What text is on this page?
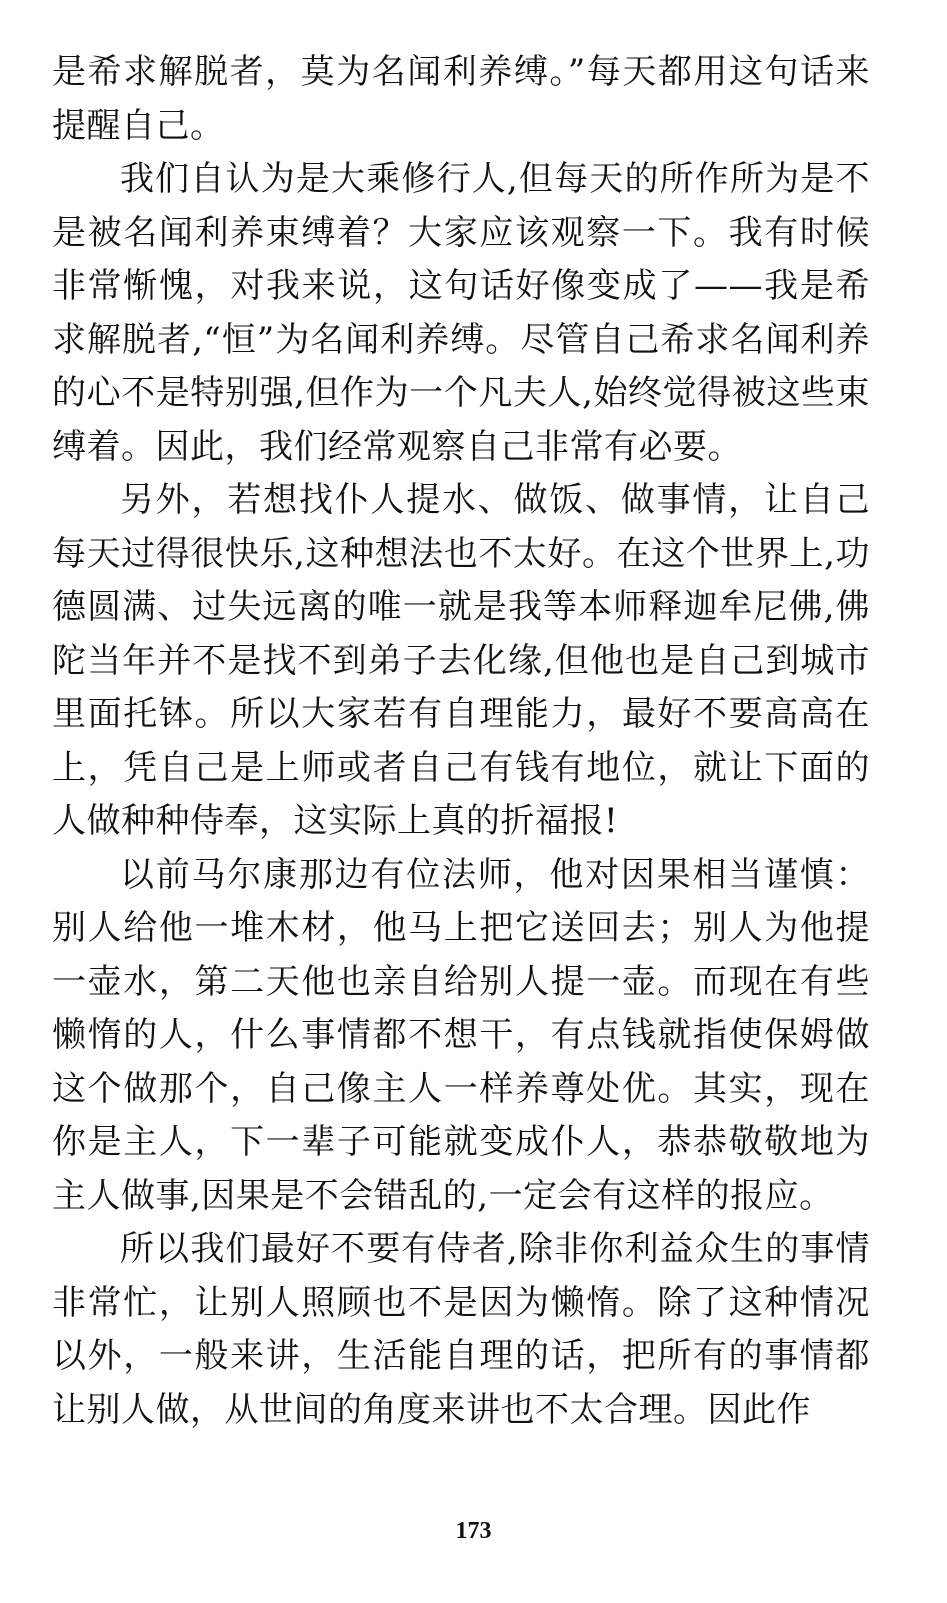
是希求解脱者，莫为名闻利养缚。”每天都用这句话来提醒自己。

我们自认为是大乘修行人,但每天的所作所为是不是被名闻利养束缚着？大家应该观察一下。我有时候非常惭愧，对我来说，这句话好像变成了——我是希求解脱者,“恒”为名闻利养缚。尽管自己希求名闻利养的心不是特别强,但作为一个凡夫人,始终觉得被这些束缚着。因此，我们经常观察自己非常有必要。

另外，若想找仆人提水、做饭、做事情，让自己每天过得很快乐,这种想法也不太好。在这个世界上,功德圆满、过失远离的唯一就是我等本师释迦牟尼佛,佛陀当年并不是找不到弟子去化缘,但他也是自己到城市里面托钵。所以大家若有自理能力，最好不要高高在上，凭自己是上师或者自己有钱有地位，就让下面的人做种种侍奉，这实际上真的折福报!

以前马尔康那边有位法师，他对因果相当谨慎：别人给他一堆木材，他马上把它送回去；别人为他提一壶水，第二天他也亲自给别人提一壶。而现在有些懒惰的人，什么事情都不想干，有点钱就指使保姆做这个做那个，自己像主人一样养尊处优。其实，现在你是主人，下一辈子可能就变成仆人，恭恭敬敬地为主人做事,因果是不会错乱的,一定会有这样的报应。

所以我们最好不要有侍者,除非你利益众生的事情非常忙，让别人照顾也不是因为懒惰。除了这种情况以外，一般来讲，生活能自理的话，把所有的事情都让别人做，从世间的角度来讲也不太合理。因此作

173
